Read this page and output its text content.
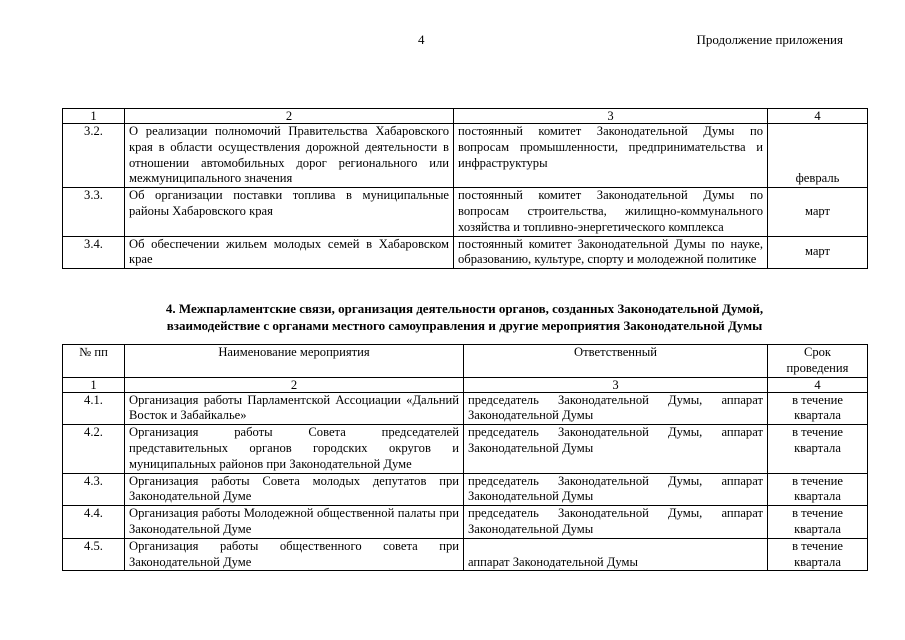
4	Продолжение приложения
1	2	3	4
3.2.	О реализации полномочий Правительства Хабаровского края в области осуществления дорожной деятельности в отношении автомобильных дорог регионального или межмуниципального значения	постоянный комитет Законодательной Думы по вопросам промышленности, предпринимательства и инфраструктуры	февраль
3.3.	Об организации поставки топлива в муниципальные районы Хабаровского края	постоянный комитет Законодательной Думы по вопросам строительства, жилищно-коммунального хозяйства и топливно-энергетического комплекса	март
3.4.	Об обеспечении жильем молодых семей в Хабаровском крае	постоянный комитет Законодательной Думы по науке, образованию, культуре, спорту и молодежной политике	март
4. Межпарламентские связи, организация деятельности органов, созданных Законодательной Думой,
взаимодействие с органами местного самоуправления и другие мероприятия Законодательной Думы
№ пп	Наименование мероприятия	Ответственный	Срок проведения
1	2	3	4
4.1.	Организация работы Парламентской Ассоциации «Дальний Восток и Забайкалье»	председатель Законодательной Думы, аппарат Законодательной Думы	в течение квартала
4.2.	Организация работы Совета председателей представительных органов городских округов и муниципальных районов при Законодательной Думе	председатель Законодательной Думы, аппарат Законодательной Думы	в течение квартала
4.3.	Организация работы Совета молодых депутатов при Законодательной Думе	председатель Законодательной Думы, аппарат Законодательной Думы	в течение квартала
4.4.	Организация работы Молодежной общественной палаты при Законодательной Думе	председатель Законодательной Думы, аппарат Законодательной Думы	в течение квартала
4.5.	Организация работы общественного совета при Законодательной Думе	аппарат Законодательной Думы	в течение квартала
